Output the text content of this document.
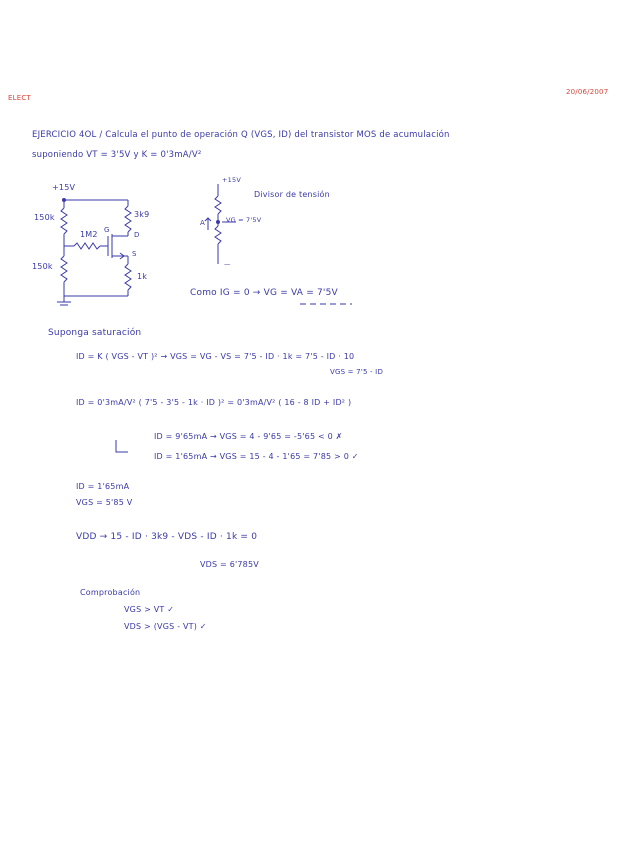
ELECT
20/06/2007
EJERCICIO 4OL / Calcula el punto de operación Q (VGS, ID) del transistor MOS de acumulación
suponiendo VT = 3'5V y K = 0'3mA/V²
+15V
150k
150k
3k9
1M2 G
D
S
1k
+15V
Divisor de tensión
VG = 7'5V
A
—
Como IG = 0 → VG = VA = 7'5V
Suponga saturación
ID = K ( VGS - VT )² → VGS = VG - VS = 7'5 - ID · 1k = 7'5 - ID · 10
VGS = 7'5 - ID
ID = 0'3mA/V² ( 7'5 - 3'5 - 1k · ID )² = 0'3mA/V² ( 16 - 8 ID + ID² )
ID = 9'65mA → VGS = 4 - 9'65 = -5'65 < 0 ✗
ID = 1'65mA → VGS = 15 - 4 - 1'65 = 7'85 > 0 ✓
ID = 1'65mA
VGS = 5'85 V
VDD → 15 - ID · 3k9 - VDS - ID · 1k = 0
VDS = 6'785V
Comprobación
VGS > VT ✓
VDS > (VGS - VT) ✓
